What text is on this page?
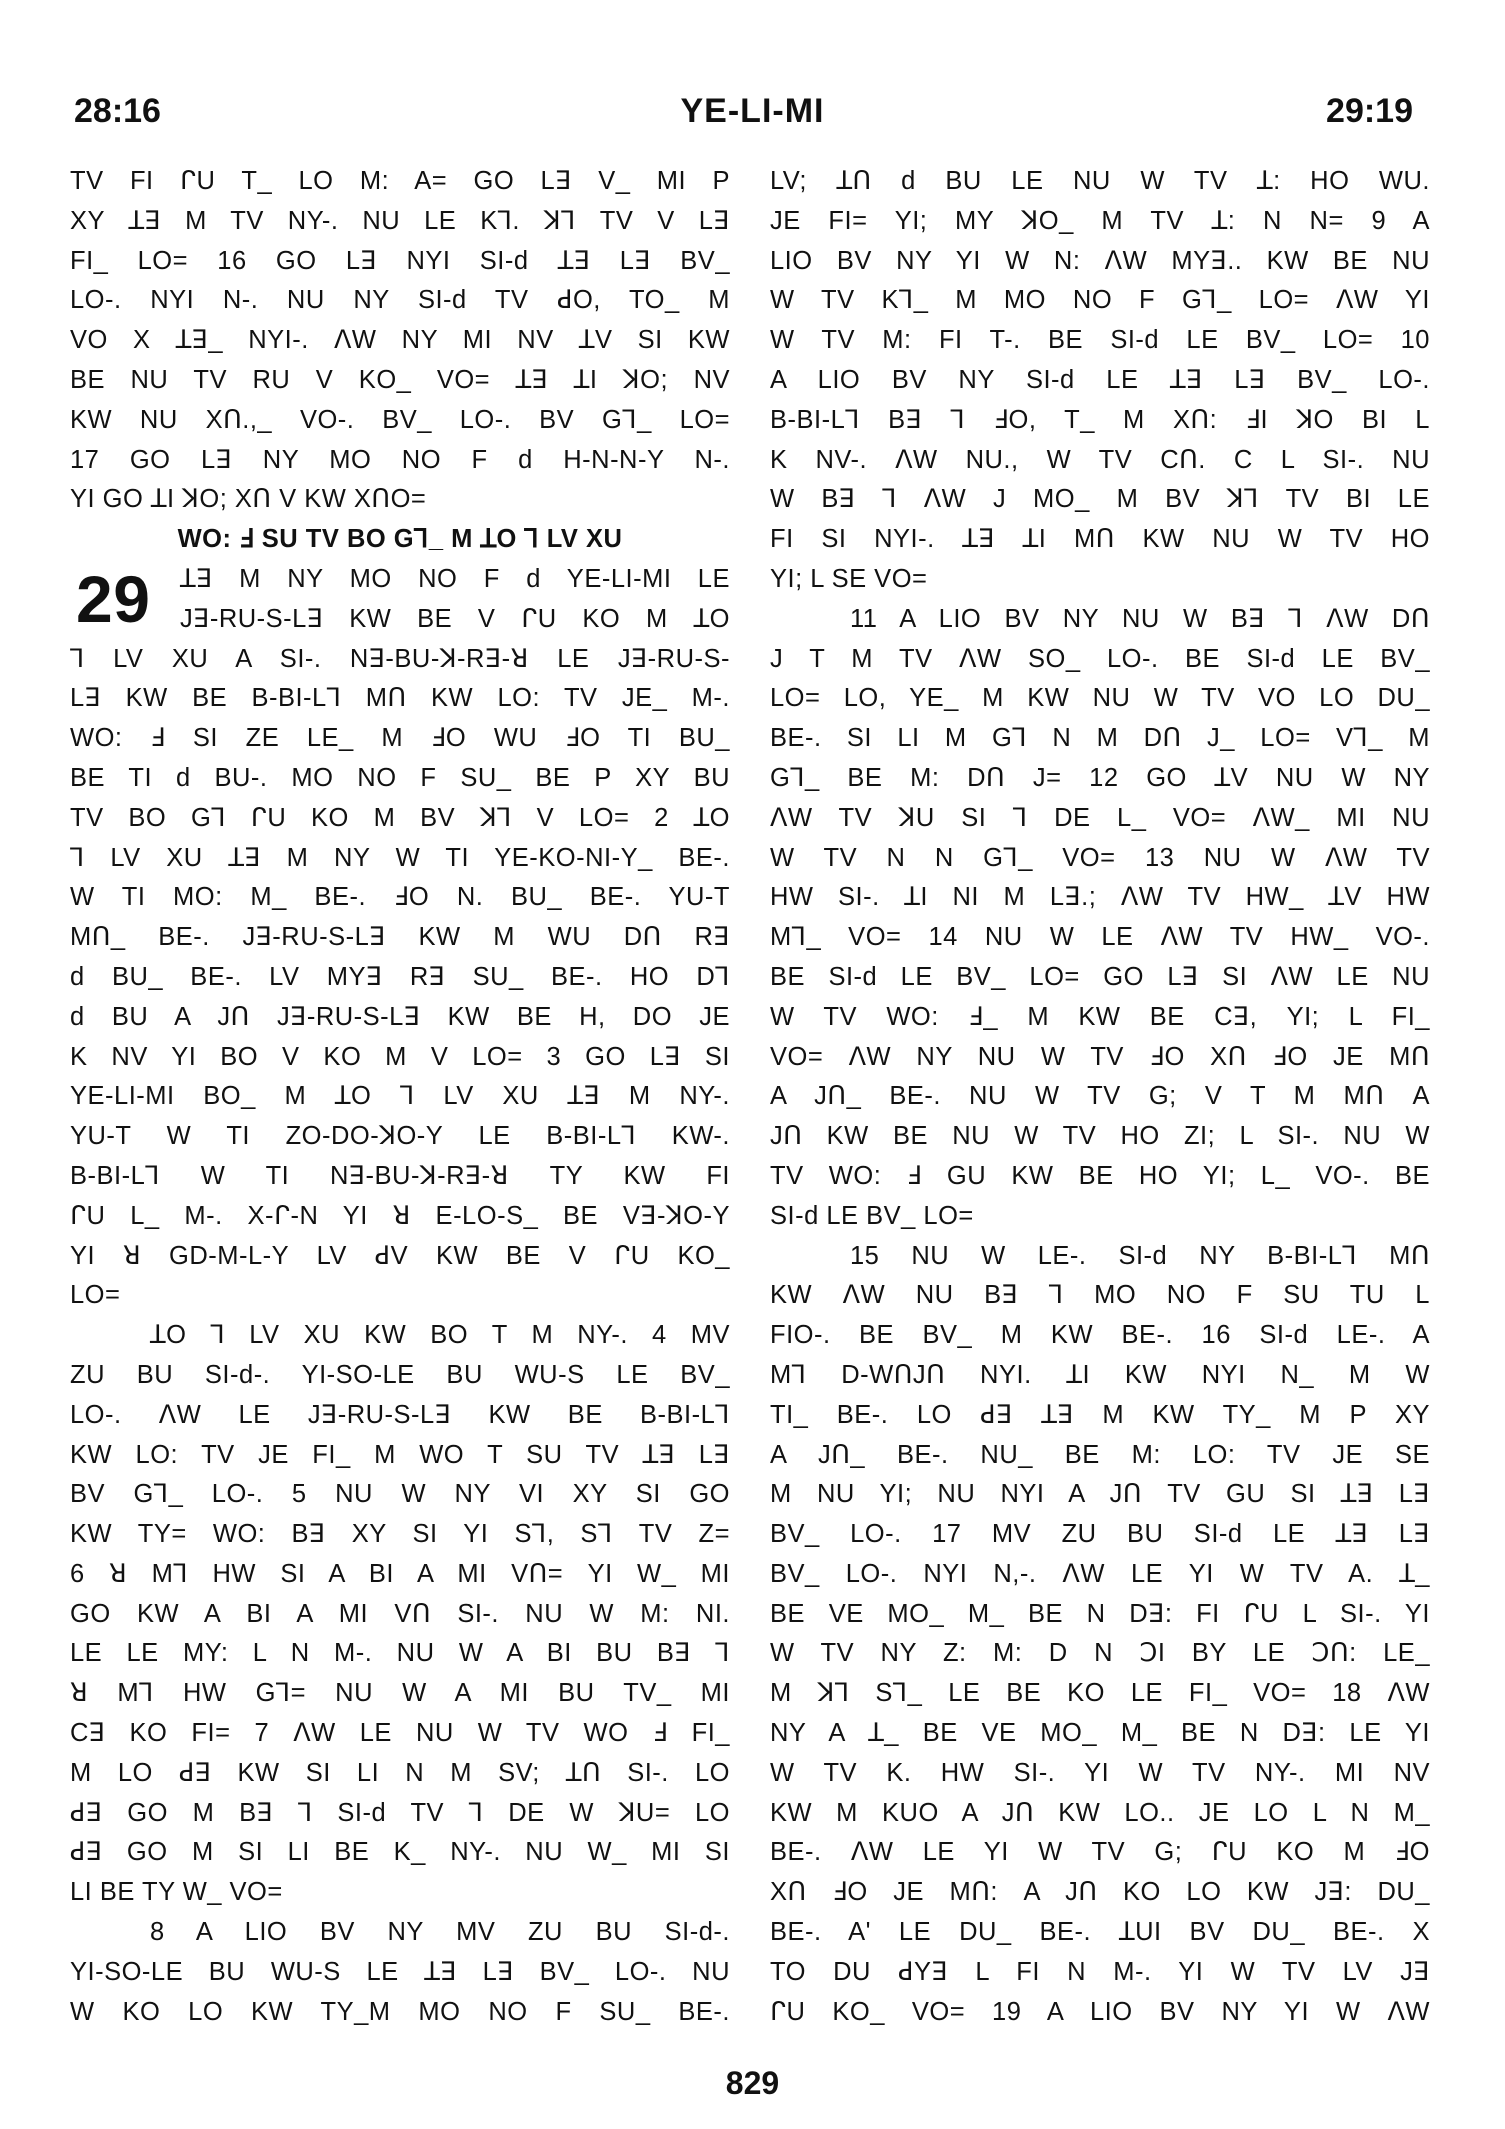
28:16	YE-LI-MI	29:19
TV FI ᒋU T_ LO M: A= GO Lꓱ V_ MI P
XY ꓕꓱ M TV NY-. NU LE Kꓶ. ꓘꓶ TV V Lꓱ
FI_ LO= 16 GO Lꓱ NYI SI-d ꓕꓱ Lꓱ BV_
LO-. NYI N-. NU NY SI-d TV ꓒO, TO_ M
VO X ꓕꓱ_ NYI-. ꓥW NY MI NV ꓕV SI KW
BE NU TV RU V KO_ VO= ꓕꓱ ꓕI ꓘO; NV
KW NU Xᑎ.,_ VO-. BV_ LO-. BV Gꓶ_ LO=
17 GO Lꓱ NY MO NO F d H-N-N-Y N-.
YI GO ꓕI ꓘO; Xᑎ V KW XᑎO=
WO: ꓞ SU TV BO Gꓶ_ M ꓕO ꓶ LV XU
29	ꓕꓱ M NY MO NO F d YE-LI-MI LE
Jꓱ-RU-S-Lꓱ KW BE V ᒋU KO M ꓕO
ꓶ LV XU A SI-. Nꓱ-BU-ꓘ-Rꓱ-ꓤ LE Jꓱ-RU-S-
Lꓱ KW BE B-BI-Lꓶ Mᑎ KW LO: TV JE_ M-.
WO: ꓞ SI ZE LE_ M ꓞO WU ꓞO TI BU_
BE TI d BU-. MO NO F SU_ BE P XY BU
TV BO Gꓶ ᒋU KO M BV ꓘꓶ V LO= 2 ꓕO
ꓶ LV XU ꓕꓱ M NY W TI YE-KO-NI-Y_ BE-.
W TI MO: M_ BE-. ꓞO N. BU_ BE-. YU-T
Mᑎ_ BE-. Jꓱ-RU-S-Lꓱ KW M WU Dᑎ Rꓱ
d BU_ BE-. LV MYꓱ Rꓱ SU_ BE-. HO Dꓶ
d BU A Jᑎ Jꓱ-RU-S-Lꓱ KW BE H, DO JE
K NV YI BO V KO M V LO= 3 GO Lꓱ SI
YE-LI-MI BO_ M ꓕO ꓶ LV XU ꓕꓱ M NY-.
YU-T W TI ZO-DO-ꓘO-Y LE B-BI-Lꓶ KW-.
B-BI-Lꓶ W TI Nꓱ-BU-ꓘ-Rꓱ-ꓤ TY KW FI
ᒋU L_ M-. X-ᒋ-N YI ꓤ E-LO-S_ BE Vꓱ-ꓘO-Y
YI ꓤ GD-M-L-Y LV ꓒV KW BE V ᒋU KO_
LO=
ꓕO ꓶ LV XU KW BO T M NY-. 4 MV
ZU BU SI-d-. YI-SO-LE BU WU-S LE BV_
LO-. ꓥW LE Jꓱ-RU-S-Lꓱ KW BE B-BI-Lꓶ
KW LO: TV JE FI_ M WO T SU TV ꓕꓱ Lꓱ
BV Gꓶ_ LO-. 5 NU W NY VI XY SI GO
KW TY= WO: Bꓱ XY SI YI Sꓶ, Sꓶ TV Z=
6 ꓤ Mꓶ HW SI A BI A MI Vᑎ= YI W_ MI
GO KW A BI A MI Vᑎ SI-. NU W M: NI.
LE LE MY: L N M-. NU W A BI BU Bꓱ ꓶ
ꓤ Mꓶ HW Gꓶ= NU W A MI BU TV_ MI
Cꓱ KO FI= 7 ꓥW LE NU W TV WO ꓞ FI_
M LO ꓒꓱ KW SI LI N M SV; ꓕᑎ SI-. LO
ꓒꓱ GO M Bꓱ ꓶ SI-d TV ꓶ DE W ꓘU= LO
ꓒꓱ GO M SI LI BE K_ NY-. NU W_ MI SI
LI BE TY W_ VO=
8 A LIO BV NY MV ZU BU SI-d-.
YI-SO-LE BU WU-S LE ꓕꓱ Lꓱ BV_ LO-. NU
W KO LO KW TY_M MO NO F SU_ BE-.
LV; ꓕᑎ d BU LE NU W TV ꓕ: HO WU.
JE FI= YI; MY ꓘO_ M TV ꓕ: N N= 9 A
LIO BV NY YI W N: ꓥW MYꓱ.. KW BE NU
W TV Kꓶ_ M MO NO F Gꓶ_ LO= ꓥW YI
W TV M: FI T-. BE SI-d LE BV_ LO= 10
A LIO BV NY SI-d LE ꓕꓱ Lꓱ BV_ LO-.
B-BI-Lꓶ Bꓱ ꓶ ꓞO, T_ M Xᑎ: ꓞI ꓘO BI L
K NV-. ꓥW NU., W TV Cᑎ. C L SI-. NU
W Bꓱ ꓶ ꓥW J MO_ M BV ꓘꓶ TV BI LE
FI SI NYI-. ꓕꓱ ꓕI Mᑎ KW NU W TV HO
YI; L SE VO=
11 A LIO BV NY NU W Bꓱ ꓶ ꓥW Dᑎ
J T M TV ꓥW SO_ LO-. BE SI-d LE BV_
LO= LO, YE_ M KW NU W TV VO LO DU_
BE-. SI LI M Gꓶ N M Dᑎ J_ LO= Vꓶ_ M
Gꓶ_ BE M: Dᑎ J= 12 GO ꓕV NU W NY
ꓥW TV ꓘU SI ꓶ DE L_ VO= ꓥW_ MI NU
W TV N N Gꓶ_ VO= 13 NU W ꓥW TV
HW SI-. ꓕI NI M Lꓱ.; ꓥW TV HW_ ꓕV HW
Mꓶ_ VO= 14 NU W LE ꓥW TV HW_ VO-.
BE SI-d LE BV_ LO= GO Lꓱ SI ꓥW LE NU
W TV WO: ꓞ_ M KW BE Cꓱ, YI; L FI_
VO= ꓥW NY NU W TV ꓞO Xᑎ ꓞO JE Mᑎ
A Jᑎ_ BE-. NU W TV G; V T M Mᑎ A
Jᑎ KW BE NU W TV HO ZI; L SI-. NU W
TV WO: ꓞ GU KW BE HO YI; L_ VO-. BE
SI-d LE BV_ LO=
15 NU W LE-. SI-d NY B-BI-Lꓶ Mᑎ
KW ꓥW NU Bꓱ ꓶ MO NO F SU TU L
FIO-. BE BV_ M KW BE-. 16 SI-d LE-. A
Mꓶ D-WᑎJᑎ NYI. ꓕI KW NYI N_ M W
TI_ BE-. LO ꓒꓱ ꓕꓱ M KW TY_ M P XY
A Jᑎ_ BE-. NU_ BE M: LO: TV JE SE
M NU YI; NU NYI A Jᑎ TV GU SI ꓕꓱ Lꓱ
BV_ LO-. 17 MV ZU BU SI-d LE ꓕꓱ Lꓱ
BV_ LO-. NYI N,-. ꓥW LE YI W TV A. ꓕ_
BE VE MO_ M_ BE N Dꓱ: FI ᒋU L SI-. YI
W TV NY Z: M: D N ꓛI BY LE ꓛᑎ: LE_
M ꓘꓶ Sꓶ_ LE BE KO LE FI_ VO= 18 ꓥW
NY A ꓕ_ BE VE MO_ M_ BE N Dꓱ: LE YI
W TV K. HW SI-. YI W TV NY-. MI NV
KW M KUO A Jᑎ KW LO.. JE LO L N M_
BE-. ꓥW LE YI W TV G; ᒋU KO M ꓞO
Xᑎ ꓞO JE Mᑎ: A Jᑎ KO LO KW Jꓱ: DU_
BE-. A' LE DU_ BE-. ꓕUI BV DU_ BE-. X
TO DU ꓒYꓱ L FI N M-. YI W TV LV Jꓱ
ᒋU KO_ VO= 19 A LIO BV NY YI W ꓥW
829
